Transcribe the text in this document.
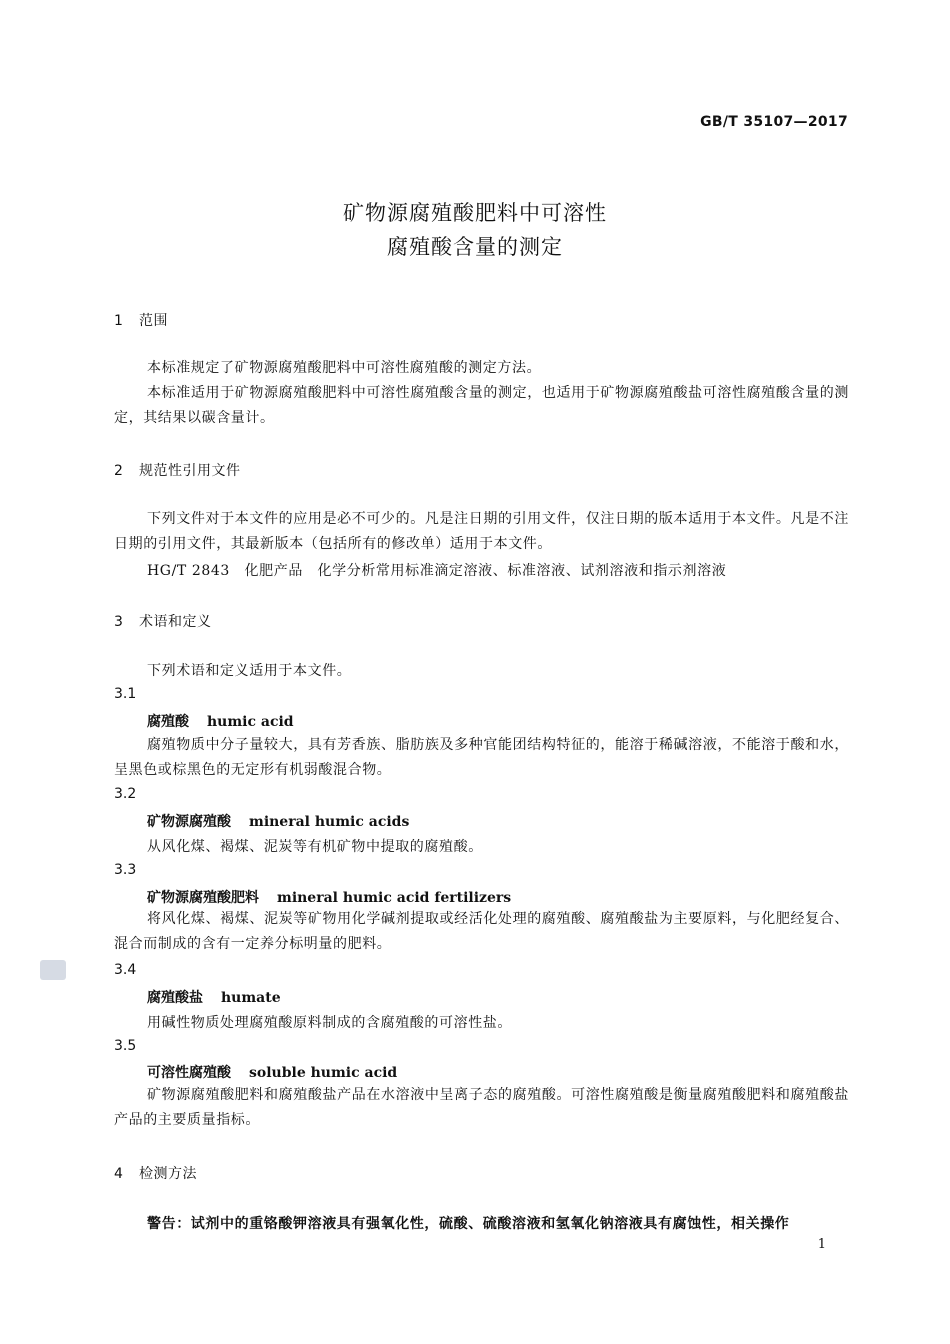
GB/T 35107—2017
矿物源腐殖酸肥料中可溶性
腐殖酸含量的测定
1 范围
本标准规定了矿物源腐殖酸肥料中可溶性腐殖酸的测定方法。
本标准适用于矿物源腐殖酸肥料中可溶性腐殖酸含量的测定，也适用于矿物源腐殖酸盐可溶性腐殖酸含量的测定，其结果以碳含量计。
2 规范性引用文件
下列文件对于本文件的应用是必不可少的。凡是注日期的引用文件，仅注日期的版本适用于本文件。凡是不注日期的引用文件，其最新版本（包括所有的修改单）适用于本文件。
HG/T 2843　化肥产品　化学分析常用标准滴定溶液、标准溶液、试剂溶液和指示剂溶液
3 术语和定义
下列术语和定义适用于本文件。
3.1
腐殖酸 humic acid
腐殖物质中分子量较大，具有芳香族、脂肪族及多种官能团结构特征的，能溶于稀碱溶液，不能溶于酸和水，呈黑色或棕黑色的无定形有机弱酸混合物。
3.2
矿物源腐殖酸 mineral humic acids
从风化煤、褐煤、泥炭等有机矿物中提取的腐殖酸。
3.3
矿物源腐殖酸肥料 mineral humic acid fertilizers
将风化煤、褐煤、泥炭等矿物用化学碱剂提取或经活化处理的腐殖酸、腐殖酸盐为主要原料，与化肥经复合、混合而制成的含有一定养分标明量的肥料。
3.4
腐殖酸盐 humate
用碱性物质处理腐殖酸原料制成的含腐殖酸的可溶性盐。
3.5
可溶性腐殖酸 soluble humic acid
矿物源腐殖酸肥料和腐殖酸盐产品在水溶液中呈离子态的腐殖酸。可溶性腐殖酸是衡量腐殖酸肥料和腐殖酸盐产品的主要质量指标。
4 检测方法
警告：试剂中的重铬酸钾溶液具有强氧化性，硫酸、硫酸溶液和氢氧化钠溶液具有腐蚀性，相关操作
1
